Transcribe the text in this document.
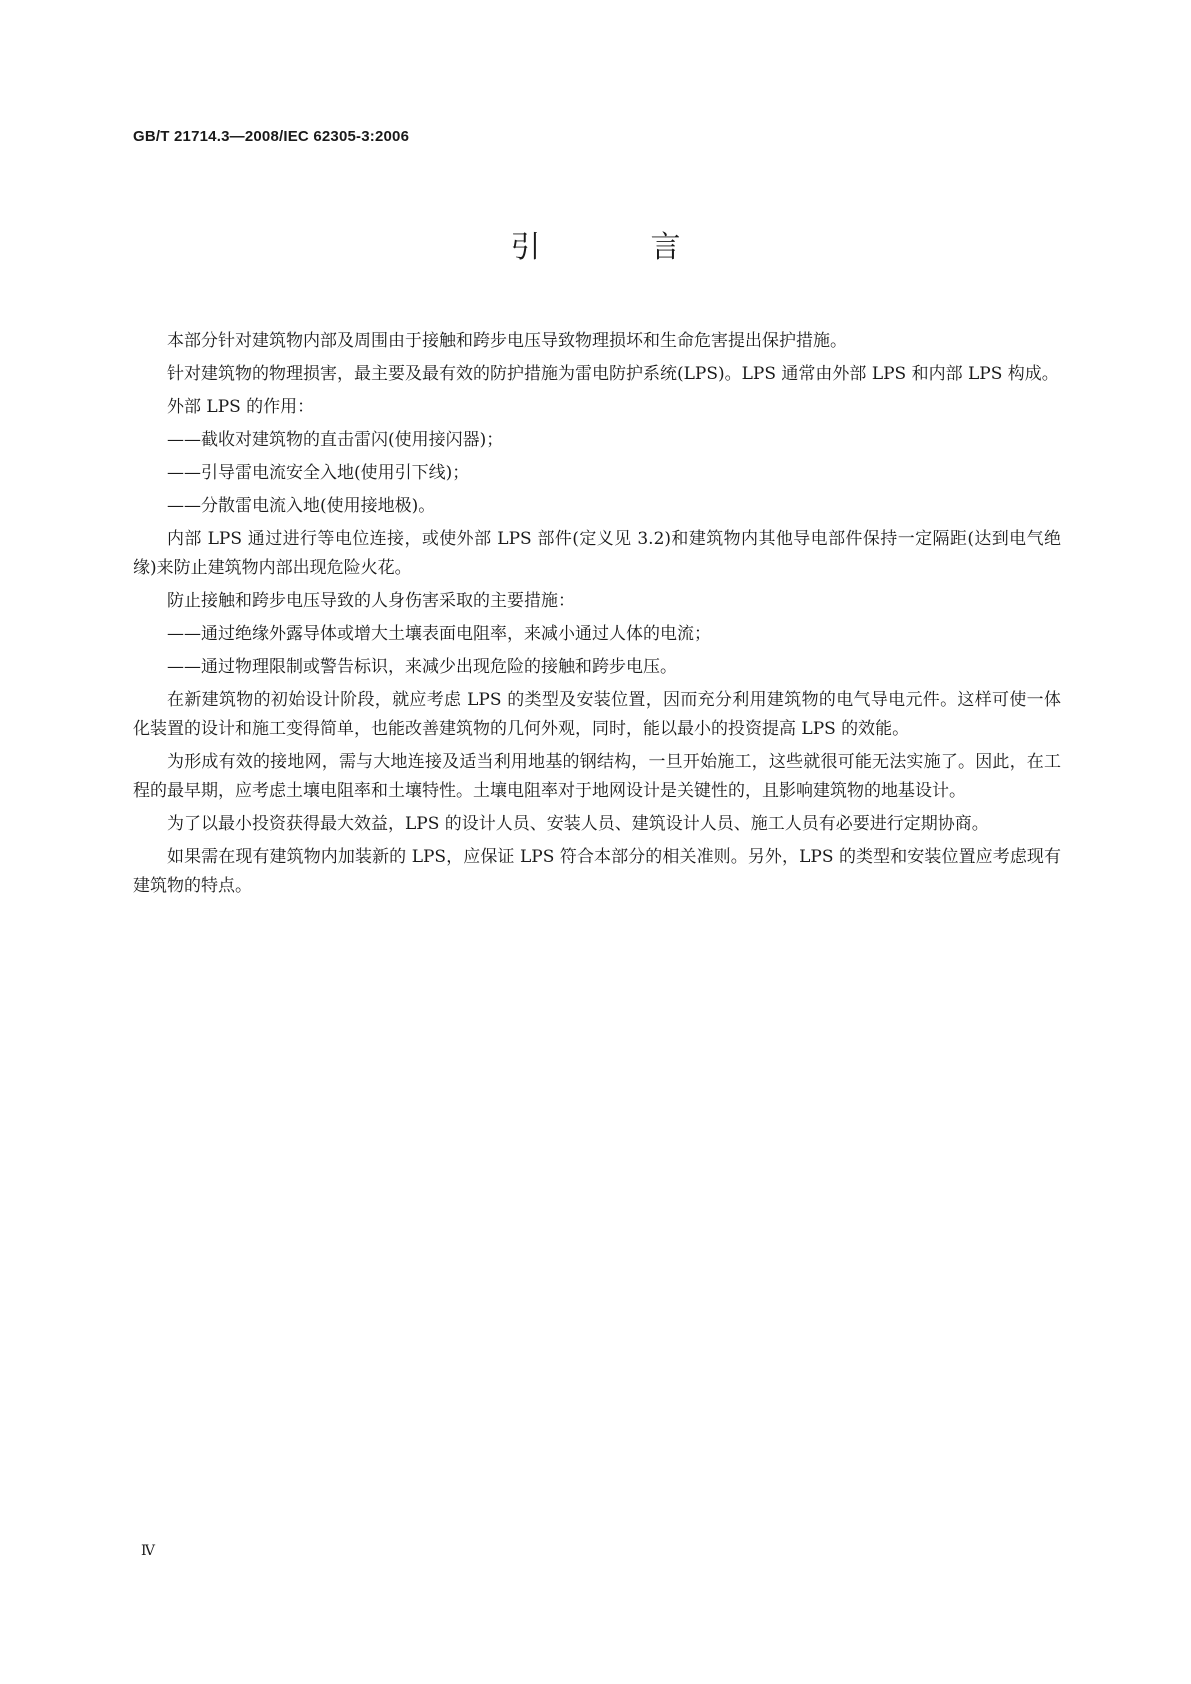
GB/T 21714.3—2008/IEC 62305-3:2006
引　言

本部分针对建筑物内部及周围由于接触和跨步电压导致物理损坏和生命危害提出保护措施。

针对建筑物的物理损害，最主要及最有效的防护措施为雷电防护系统(LPS)。LPS 通常由外部 LPS 和内部 LPS 构成。

外部 LPS 的作用：

——截收对建筑物的直击雷闪(使用接闪器)；

——引导雷电流安全入地(使用引下线)；

——分散雷电流入地(使用接地极)。

内部 LPS 通过进行等电位连接，或使外部 LPS 部件(定义见 3.2)和建筑物内其他导电部件保持一定隔距(达到电气绝缘)来防止建筑物内部出现危险火花。

防止接触和跨步电压导致的人身伤害采取的主要措施：

——通过绝缘外露导体或增大土壤表面电阻率，来减小通过人体的电流；

——通过物理限制或警告标识，来减少出现危险的接触和跨步电压。

在新建筑物的初始设计阶段，就应考虑 LPS 的类型及安装位置，因而充分利用建筑物的电气导电元件。这样可使一体化装置的设计和施工变得简单，也能改善建筑物的几何外观，同时，能以最小的投资提高 LPS 的效能。

为形成有效的接地网，需与大地连接及适当利用地基的钢结构，一旦开始施工，这些就很可能无法实施了。因此，在工程的最早期，应考虑土壤电阻率和土壤特性。土壤电阻率对于地网设计是关键性的，且影响建筑物的地基设计。

为了以最小投资获得最大效益，LPS 的设计人员、安装人员、建筑设计人员、施工人员有必要进行定期协商。

如果需在现有建筑物内加装新的 LPS，应保证 LPS 符合本部分的相关准则。另外，LPS 的类型和安装位置应考虑现有建筑物的特点。

Ⅳ
